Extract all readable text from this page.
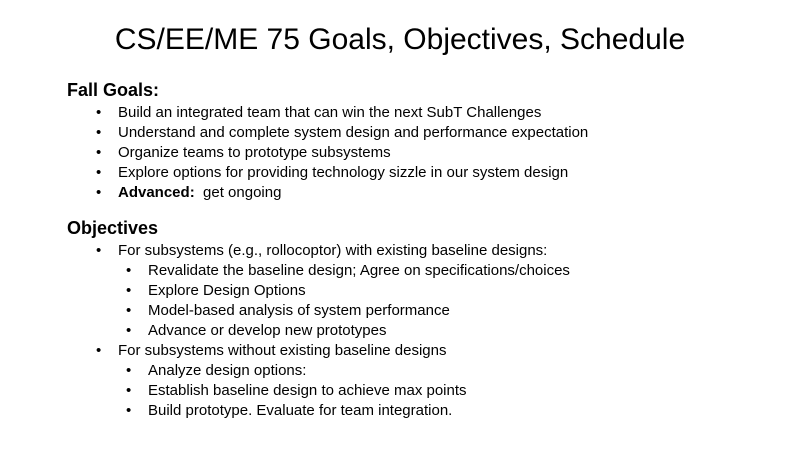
CS/EE/ME 75 Goals, Objectives, Schedule
Fall Goals:
• Build an integrated team that can win the next SubT Challenges
• Understand and complete system design and performance expectation
• Organize teams to prototype subsystems
• Explore options for providing technology sizzle in our system design
• Advanced: get ongoing
Objectives
• For subsystems (e.g., rollocoptor) with existing baseline designs:
• Revalidate the baseline design; Agree on specifications/choices
• Explore Design Options
• Model-based analysis of system performance
• Advance or develop new prototypes
• For subsystems without existing baseline designs
• Analyze design options:
• Establish baseline design to achieve max points
• Build prototype. Evaluate for team integration.
